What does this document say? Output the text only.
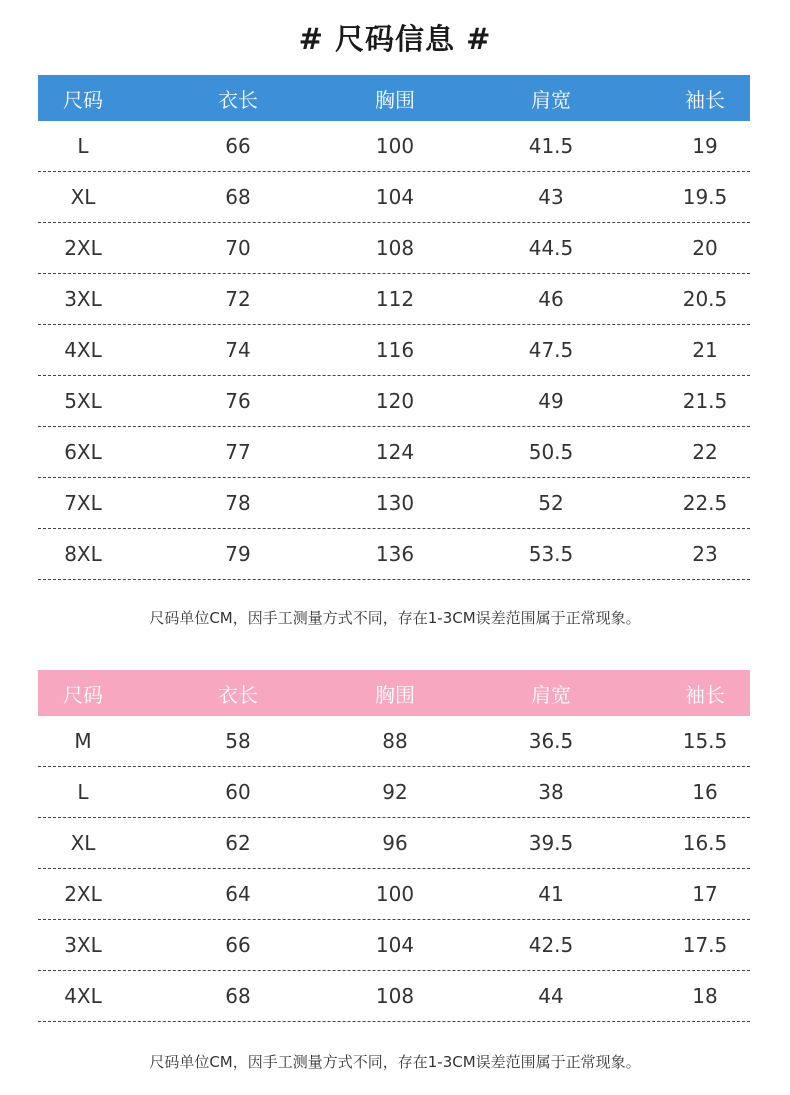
# 尺码信息 #
尺码	衣长	胸围	肩宽	袖长
L	66	100	41.5	19
XL	68	104	43	19.5
2XL	70	108	44.5	20
3XL	72	112	46	20.5
4XL	74	116	47.5	21
5XL	76	120	49	21.5
6XL	77	124	50.5	22
7XL	78	130	52	22.5
8XL	79	136	53.5	23
尺码单位CM，因手工测量方式不同，存在1-3CM误差范围属于正常现象。
尺码	衣长	胸围	肩宽	袖长
M	58	88	36.5	15.5
L	60	92	38	16
XL	62	96	39.5	16.5
2XL	64	100	41	17
3XL	66	104	42.5	17.5
4XL	68	108	44	18
尺码单位CM，因手工测量方式不同，存在1-3CM误差范围属于正常现象。
